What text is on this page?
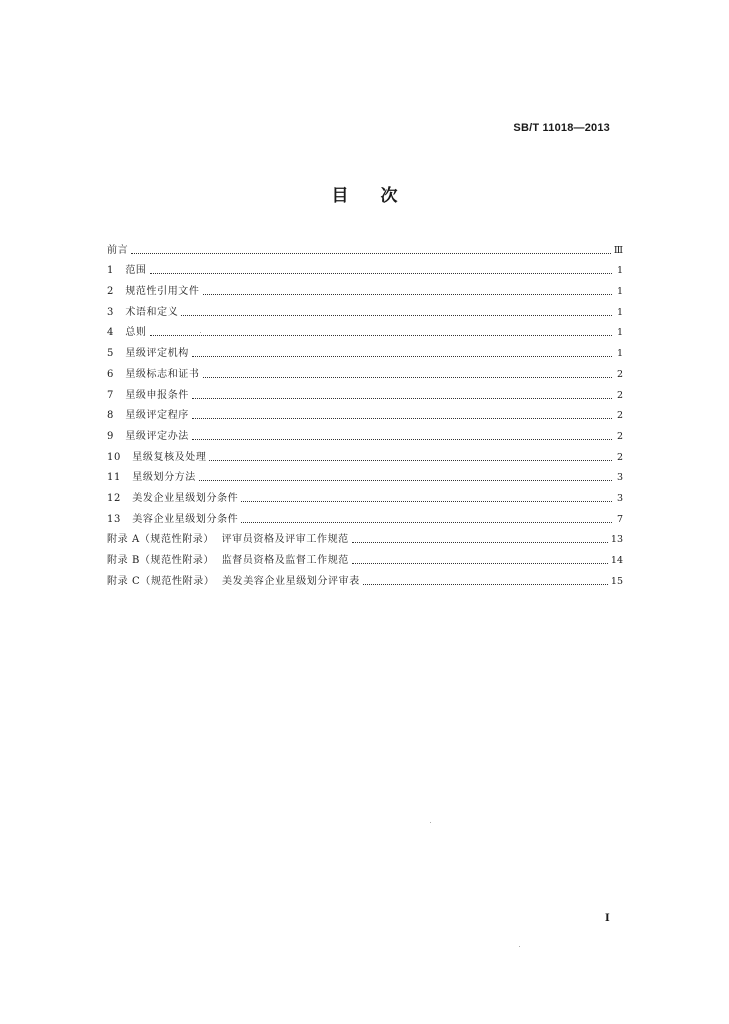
SB/T 11018—2013
目次
前言	Ⅲ
1 范围	1
2 规范性引用文件	1
3 术语和定义	1
4 总则	1
5 星级评定机构	1
6 星级标志和证书	2
7 星级申报条件	2
8 星级评定程序	2
9 星级评定办法	2
10 星级复核及处理	2
11 星级划分方法	3
12 美发企业星级划分条件	3
13 美容企业星级划分条件	7
附录 A（规范性附录） 评审员资格及评审工作规范	13
附录 B（规范性附录） 监督员资格及监督工作规范	14
附录 C（规范性附录） 美发美容企业星级划分评审表	15
I
